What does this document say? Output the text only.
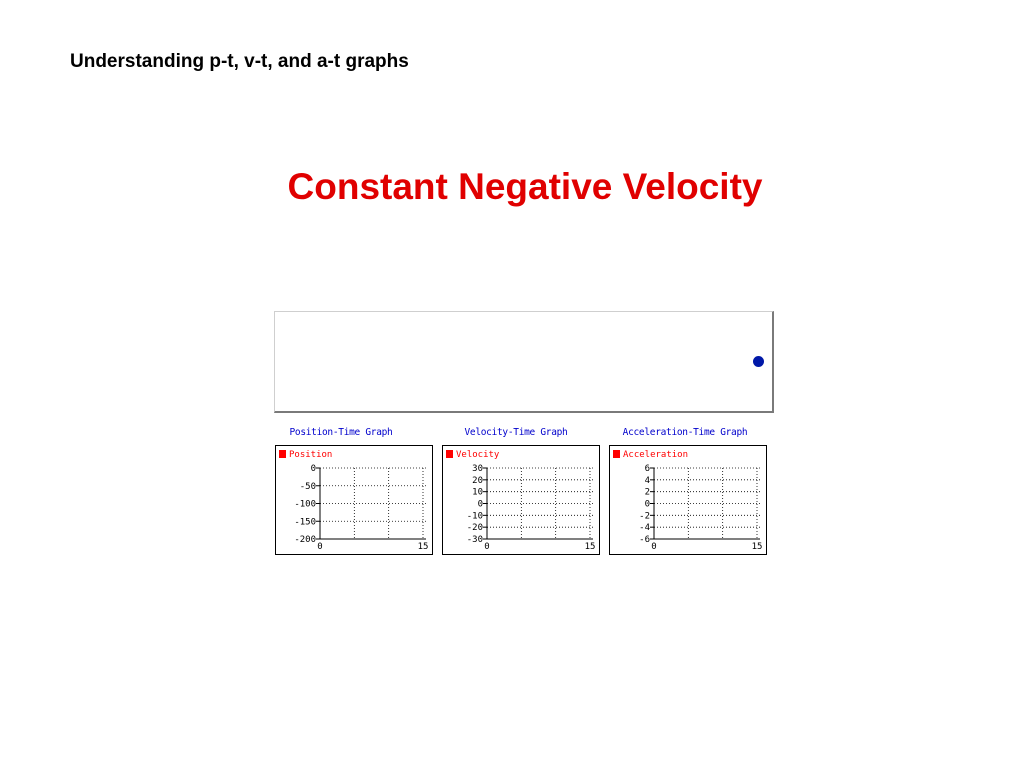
Understanding p-t, v-t, and a-t graphs
Constant Negative Velocity
Position-Time Graph	Velocity-Time Graph	Acceleration-Time Graph
Position
0
-50
-100
-150
-200
0	15
Velocity
30
20
10
0
-10
-20
-30
0	15
Acceleration
6
4
2
0
-2
-4
-6
0	15
